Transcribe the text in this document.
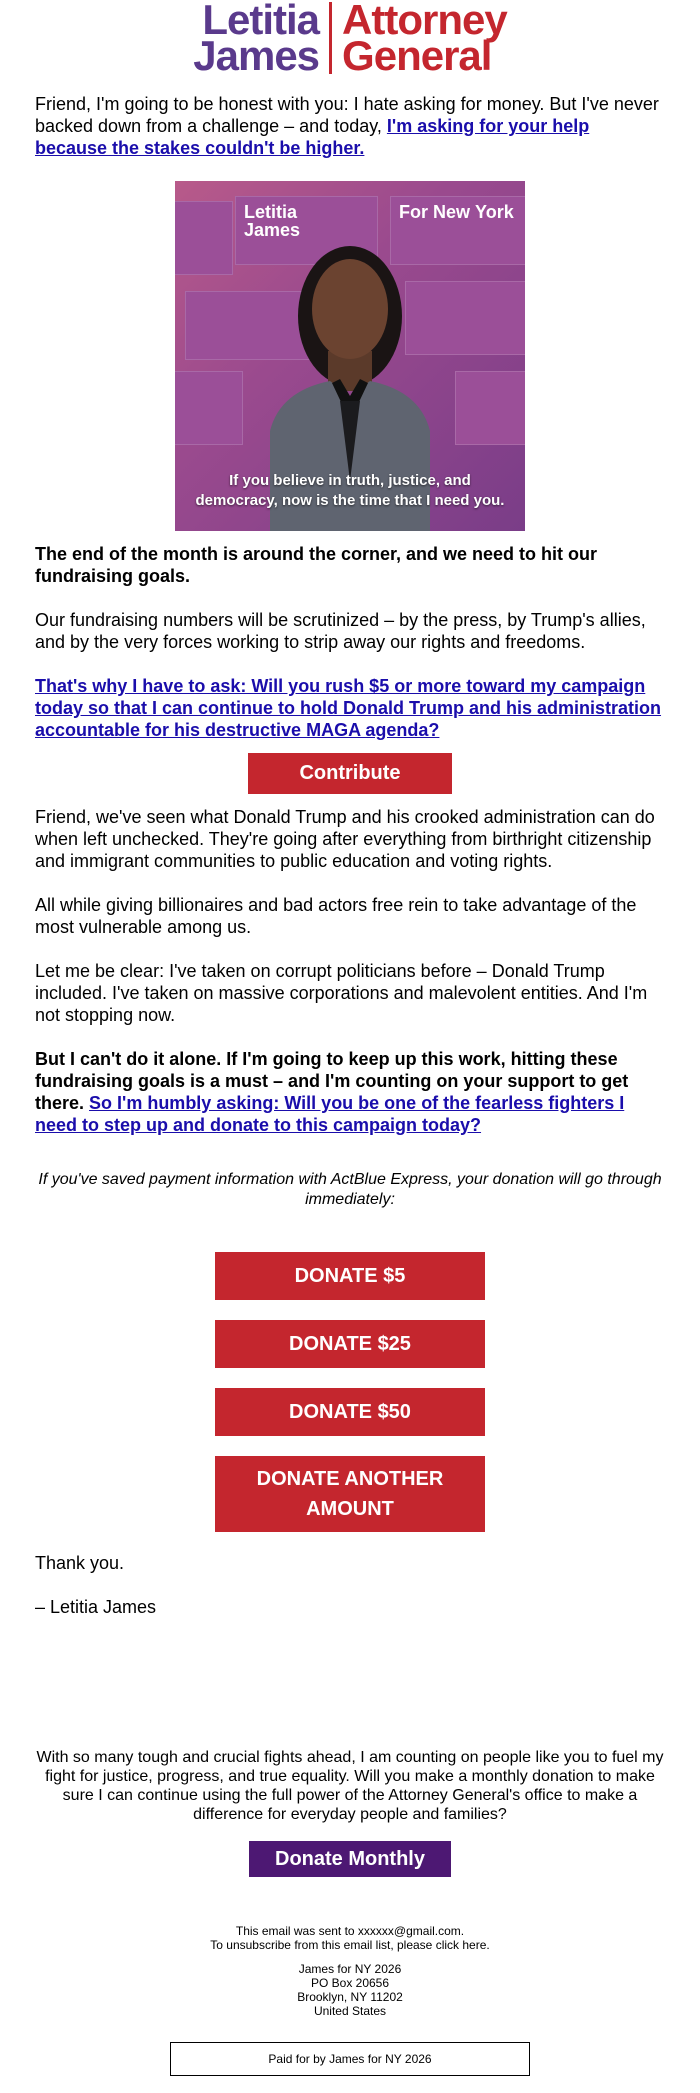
Letitia
James
Attorney
General

Friend, I'm going to be honest with you: I hate asking for money. But I've never backed down from a challenge – and today, I'm asking for your help because the stakes couldn't be higher.

Letitia
James
For New York
If you believe in truth, justice, and
democracy, now is the time that I need you.

The end of the month is around the corner, and we need to hit our fundraising goals.

Our fundraising numbers will be scrutinized – by the press, by Trump's allies, and by the very forces working to strip away our rights and freedoms.

That's why I have to ask: Will you rush $5 or more toward my campaign today so that I can continue to hold Donald Trump and his administration accountable for his destructive MAGA agenda?

Contribute

Friend, we've seen what Donald Trump and his crooked administration can do when left unchecked. They're going after everything from birthright citizenship and immigrant communities to public education and voting rights.

All while giving billionaires and bad actors free rein to take advantage of the most vulnerable among us.

Let me be clear: I've taken on corrupt politicians before – Donald Trump included. I've taken on massive corporations and malevolent entities. And I'm not stopping now.

But I can't do it alone. If I'm going to keep up this work, hitting these fundraising goals is a must – and I'm counting on your support to get there. So I'm humbly asking: Will you be one of the fearless fighters I need to step up and donate to this campaign today?

If you've saved payment information with ActBlue Express, your donation will go through immediately:

DONATE $5
DONATE $25
DONATE $50
DONATE ANOTHER
AMOUNT

Thank you.

– Letitia James

With so many tough and crucial fights ahead, I am counting on people like you to fuel my fight for justice, progress, and true equality. Will you make a monthly donation to make sure I can continue using the full power of the Attorney General's office to make a difference for everyday people and families?

Donate Monthly
This email was sent to xxxxxx@gmail.com.
To unsubscribe from this email list, please click here.
James for NY 2026
PO Box 20656
Brooklyn, NY 11202
United States
Paid for by James for NY 2026
